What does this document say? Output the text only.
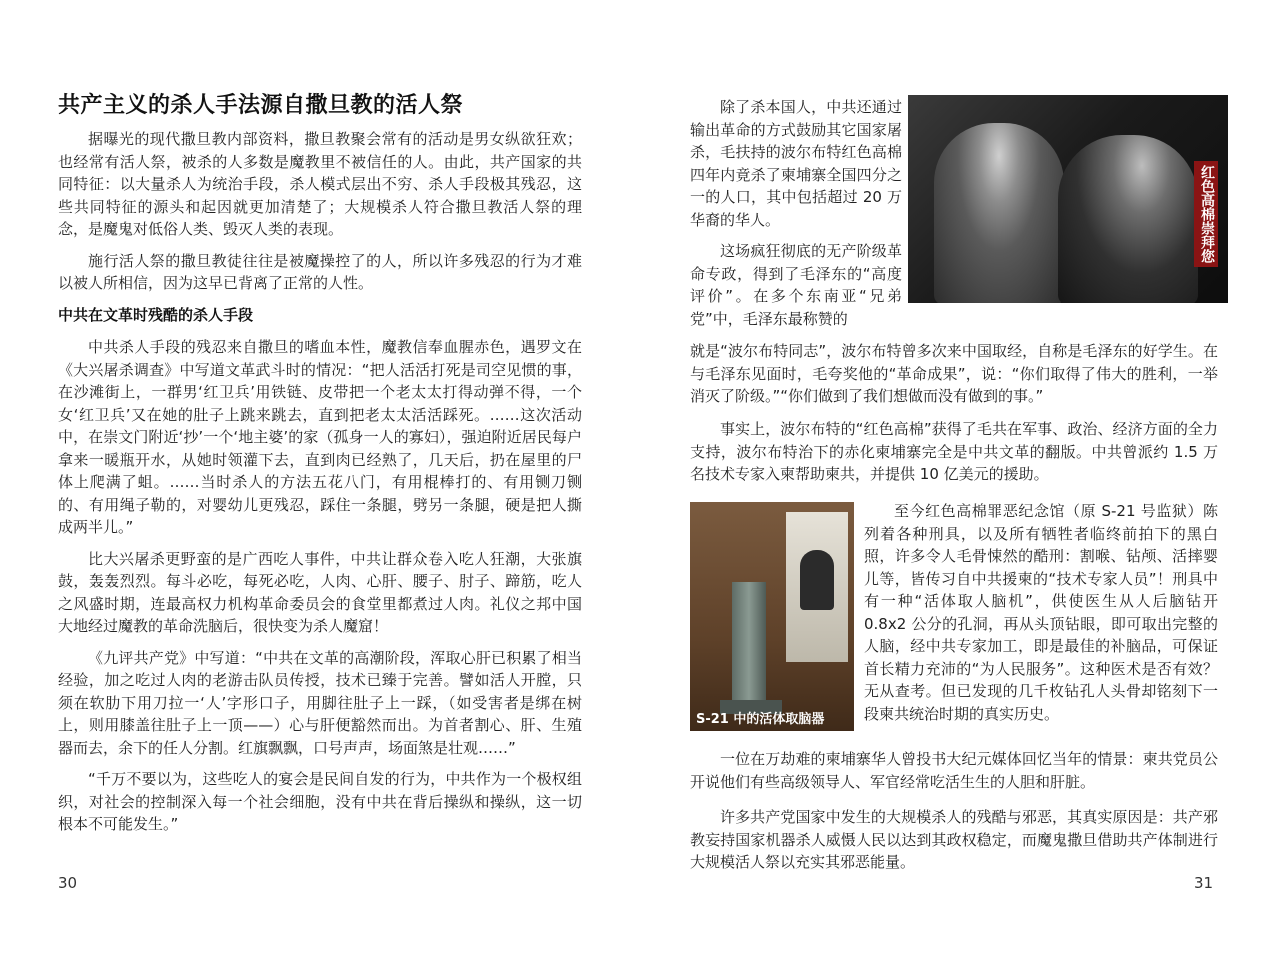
共产主义的杀人手法源自撒旦教的活人祭

据曝光的现代撒旦教内部资料，撒旦教聚会常有的活动是男女纵欲狂欢；也经常有活人祭，被杀的人多数是魔教里不被信任的人。由此，共产国家的共同特征：以大量杀人为统治手段，杀人模式层出不穷、杀人手段极其残忍，这些共同特征的源头和起因就更加清楚了；大规模杀人符合撒旦教活人祭的理念，是魔鬼对低俗人类、毁灭人类的表现。

施行活人祭的撒旦教徒往往是被魔操控了的人，所以许多残忍的行为才难以被人所相信，因为这早已背离了正常的人性。

中共在文革时残酷的杀人手段

中共杀人手段的残忍来自撒旦的嗜血本性，魔教信奉血腥赤色，遇罗文在《大兴屠杀调查》中写道文革武斗时的情况：“把人活活打死是司空见惯的事，在沙滩街上，一群男‘红卫兵’用铁链、皮带把一个老太太打得动弹不得，一个女‘红卫兵’又在她的肚子上跳来跳去，直到把老太太活活踩死。……这次活动中，在崇文门附近‘抄’一个‘地主婆’的家（孤身一人的寡妇），强迫附近居民每户拿来一暖瓶开水，从她时领灌下去，直到肉已经熟了，几天后，扔在屋里的尸体上爬满了蛆。……当时杀人的方法五花八门，有用棍棒打的、有用铡刀铡的、有用绳子勒的，对婴幼儿更残忍，踩住一条腿，劈另一条腿，硬是把人撕成两半儿。”

比大兴屠杀更野蛮的是广西吃人事件，中共让群众卷入吃人狂潮，大张旗鼓，轰轰烈烈。每斗必吃，每死必吃，人肉、心肝、腰子、肘子、蹄筋，吃人之风盛时期，连最高权力机构革命委员会的食堂里都煮过人肉。礼仪之邦中国大地经过魔教的革命洗脑后，很快变为杀人魔窟！

《九评共产党》中写道：“中共在文革的高潮阶段，浑取心肝已积累了相当经验，加之吃过人肉的老游击队员传授，技术已臻于完善。譬如活人开膛，只须在软肋下用刀拉一‘人’字形口子，用脚往肚子上一踩，（如受害者是绑在树上，则用膝盖往肚子上一顶——）心与肝便豁然而出。为首者割心、肝、生殖器而去，余下的任人分割。红旗飘飘，口号声声，场面煞是壮观……”

“千万不要以为，这些吃人的宴会是民间自发的行为，中共作为一个极权组织，对社会的控制深入每一个社会细胞，没有中共在背后操纵和操纵，这一切根本不可能发生。”

30
红色高棉崇拜您

除了杀本国人，中共还通过输出革命的方式鼓励其它国家屠杀，毛扶持的波尔布特红色高棉四年内竟杀了柬埔寨全国四分之一的人口，其中包括超过 20 万华裔的华人。

这场疯狂彻底的无产阶级革命专政，得到了毛泽东的“高度评价”。在多个东南亚“兄弟党”中，毛泽东最称赞的

就是“波尔布特同志”，波尔布特曾多次来中国取经，自称是毛泽东的好学生。在与毛泽东见面时，毛夸奖他的“革命成果”，说：“你们取得了伟大的胜利，一举消灭了阶级。”“你们做到了我们想做而没有做到的事。”

事实上，波尔布特的“红色高棉”获得了毛共在军事、政治、经济方面的全力支持，波尔布特治下的赤化柬埔寨完全是中共文革的翻版。中共曾派约 1.5 万名技术专家入柬帮助柬共，并提供 10 亿美元的援助。

S-21 中的活体取脑器

至今红色高棉罪恶纪念馆（原 S-21 号监狱）陈列着各种刑具，以及所有牺牲者临终前拍下的黑白照，许多令人毛骨悚然的酷刑：割喉、钻颅、活摔婴儿等，皆传习自中共援柬的“技术专家人员”！刑具中有一种“活体取人脑机”，供使医生从人后脑钻开 0.8x2 公分的孔洞，再从头顶钻眼，即可取出完整的人脑，经中共专家加工，即是最佳的补脑品，可保证首长精力充沛的“为人民服务”。这种医术是否有效？无从查考。但已发现的几千枚钻孔人头骨却铭刻下一段柬共统治时期的真实历史。

一位在万劫难的柬埔寨华人曾投书大纪元媒体回忆当年的情景：柬共党员公开说他们有些高级领导人、军官经常吃活生生的人胆和肝脏。

许多共产党国家中发生的大规模杀人的残酷与邪恶，其真实原因是：共产邪教妄持国家机器杀人威慑人民以达到其政权稳定，而魔鬼撒旦借助共产体制进行大规模活人祭以充实其邪恶能量。

31
